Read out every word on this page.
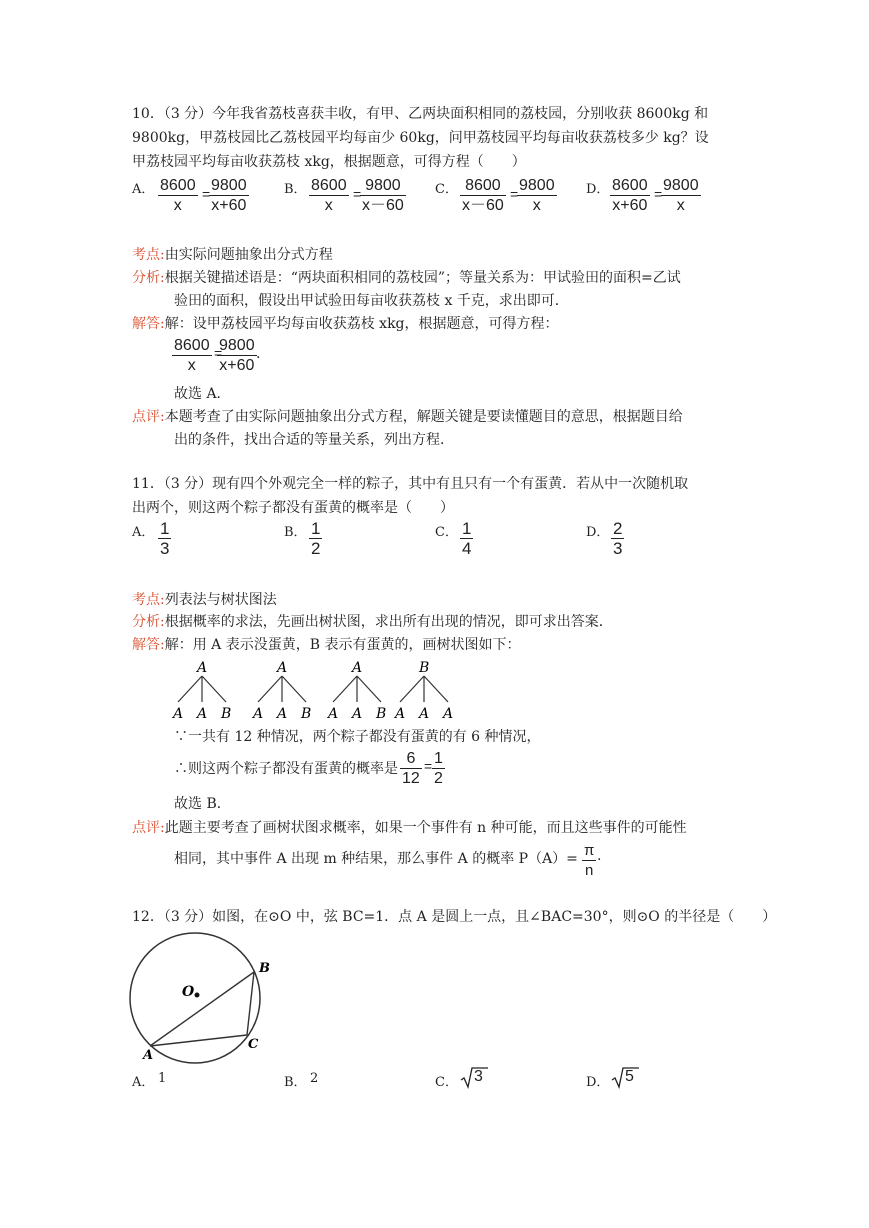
10．（3 分）今年我省荔枝喜获丰收，有甲、乙两块面积相同的荔枝园，分别收获 8600kg 和
9800kg，甲荔枝园比乙荔枝园平均每亩少 60kg，问甲荔枝园平均每亩收获荔枝多少 kg？设
甲荔枝园平均每亩收获荔枝 xkg，根据题意，可得方程（　　）
A． $\frac{8600}{x}$ =
$\frac{9800}{x+60}$	B． $\frac{8600}{x}$ =
$\frac{9800}{x-60}$ C． $\frac{8600}{x-60}$ =
$\frac{9800}{x}$ D． $\frac{8600}{x+60}$ =
$\frac{9800}{x}$
考点:由实际问题抽象出分式方程
分析:根据关键描述语是：“两块面积相同的荔枝园”；等量关系为：甲试验田的面积=乙试
验田的面积，假设出甲试验田每亩收获荔枝 x 千克，求出即可．
解答:解：设甲荔枝园平均每亩收获荔枝 xkg，根据题意，可得方程：
$\frac{8600}{x}$ =
$\frac{9800}{x+60}$ .
故选 A．
点评:本题考查了由实际问题抽象出分式方程，解题关键是要读懂题目的意思，根据题目给
出的条件，找出合适的等量关系，列出方程．
11．（3 分）现有四个外观完全一样的粽子，其中有且只有一个有蛋黄．若从中一次随机取
出两个，则这两个粽子都没有蛋黄的概率是（　　）
A． $\frac{1}{3}$	B． $\frac{1}{2}$	C． $\frac{1}{4}$	D． $\frac{2}{3}$
考点:列表法与树状图法
分析:根据概率的求法，先画出树状图，求出所有出现的情况，即可求出答案．
解答:解：用 A 表示没蛋黄，B 表示有蛋黄的，画树状图如下：
A
A A B
A
A A B
A
A A B
B
A A A
∵一共有 12 种情况，两个粽子都没有蛋黄的有 6 种情况，
∴则这两个粽子都没有蛋黄的概率是 $\frac{6}{12} = \frac{1}{2}$
故选 B．
点评:此题主要考查了画树状图求概率，如果一个事件有 n 种可能，而且这些事件的可能性
相同，其中事件 A 出现 m 种结果，那么事件 A 的概率 $P(A)= \frac{\pi}{n}$ .
12．（3 分）如图，在⊙O 中，弦 BC=1．点 A 是圆上一点，且∠BAC=30°，则⊙O 的半径是（　　）
O
B
C
A
A． 1	B． 2	C． 3	D． 5
